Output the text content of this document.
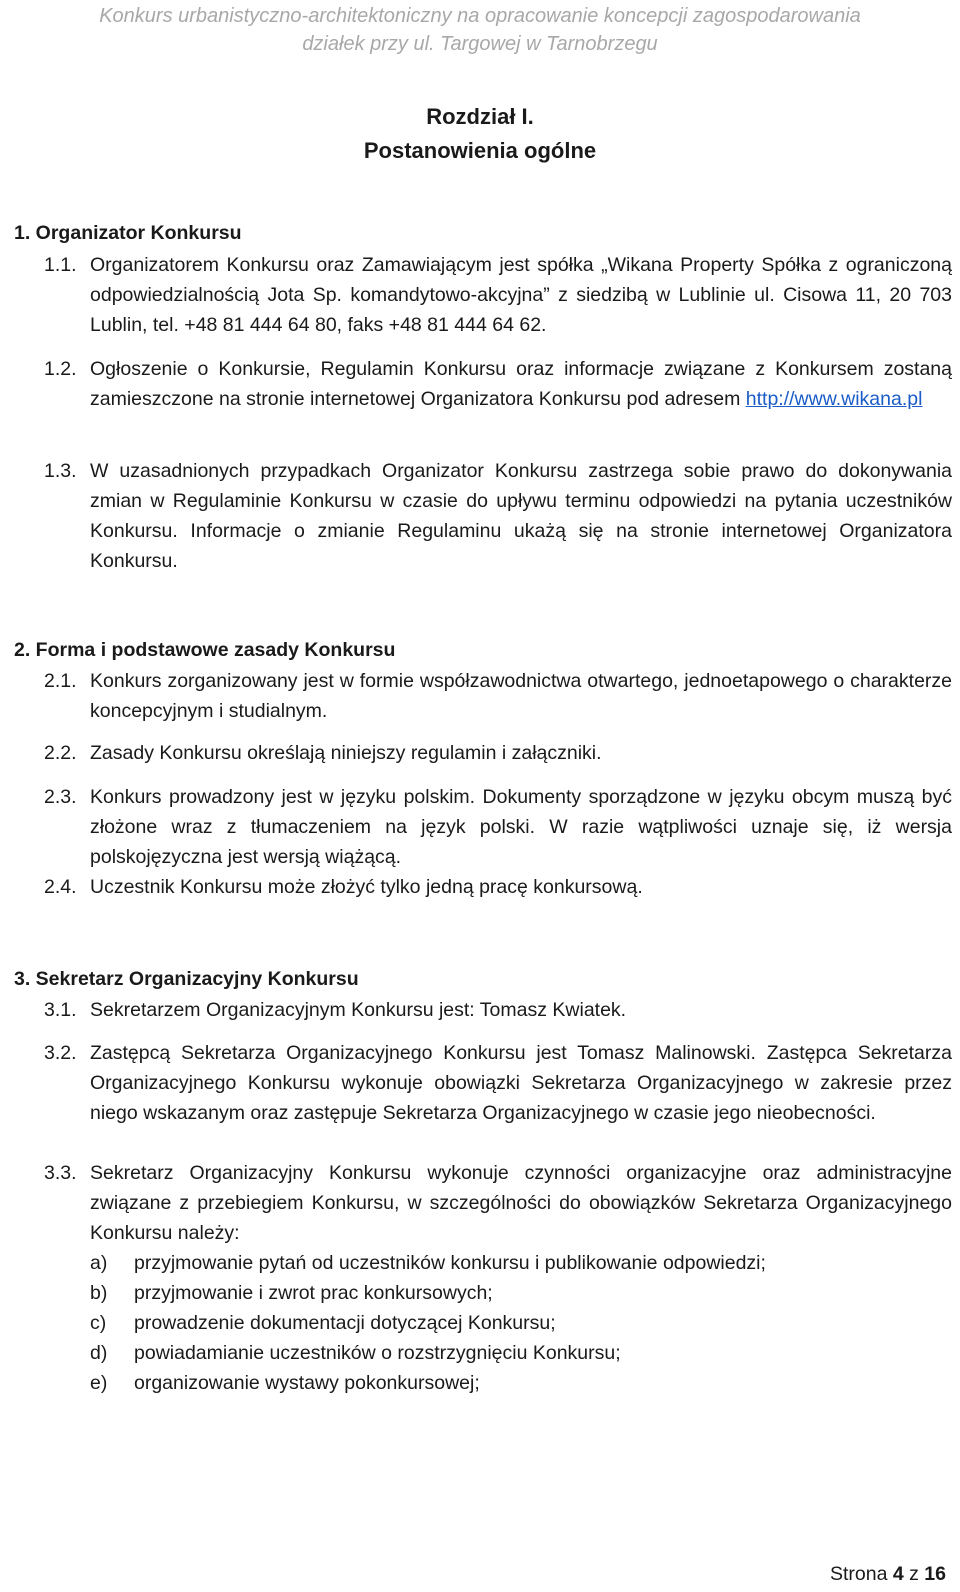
Konkurs urbanistyczno-architektoniczny na opracowanie koncepcji zagospodarowania
działek przy ul. Targowej w Tarnobrzegu
Rozdział I.
Postanowienia ogólne
1. Organizator Konkursu
1.1. Organizatorem Konkursu oraz Zamawiającym jest spółka „Wikana Property Spółka z ograniczoną odpowiedzialnością Jota Sp. komandytowo-akcyjna” z siedzibą w Lublinie ul. Cisowa 11, 20 703 Lublin, tel. +48 81 444 64 80, faks +48 81 444 64 62.
1.2. Ogłoszenie o Konkursie, Regulamin Konkursu oraz informacje związane z Konkursem zostaną zamieszczone na stronie internetowej Organizatora Konkursu pod adresem http://www.wikana.pl
1.3. W uzasadnionych przypadkach Organizator Konkursu zastrzega sobie prawo do dokonywania zmian w Regulaminie Konkursu w czasie do upływu terminu odpowiedzi na pytania uczestników Konkursu. Informacje o zmianie Regulaminu ukażą się na stronie internetowej Organizatora Konkursu.
2. Forma i podstawowe zasady Konkursu
2.1. Konkurs zorganizowany jest w formie współzawodnictwa otwartego, jednoetapowego o charakterze koncepcyjnym i studialnym.
2.2. Zasady Konkursu określają niniejszy regulamin i załączniki.
2.3. Konkurs prowadzony jest w języku polskim. Dokumenty sporządzone w języku obcym muszą być złożone wraz z tłumaczeniem na język polski. W razie wątpliwości uznaje się, iż wersja polskojęzyczna jest wersją wiążącą.
2.4. Uczestnik Konkursu może złożyć tylko jedną pracę konkursową.
3. Sekretarz Organizacyjny Konkursu
3.1. Sekretarzem Organizacyjnym Konkursu jest: Tomasz Kwiatek.
3.2. Zastępcą Sekretarza Organizacyjnego Konkursu jest Tomasz Malinowski. Zastępca Sekretarza Organizacyjnego Konkursu wykonuje obowiązki Sekretarza Organizacyjnego w zakresie przez niego wskazanym oraz zastępuje Sekretarza Organizacyjnego w czasie jego nieobecności.
3.3. Sekretarz Organizacyjny Konkursu wykonuje czynności organizacyjne oraz administracyjne związane z przebiegiem Konkursu, w szczególności do obowiązków Sekretarza Organizacyjnego Konkursu należy:
a) przyjmowanie pytań od uczestników konkursu i publikowanie odpowiedzi;
b) przyjmowanie i zwrot prac konkursowych;
c) prowadzenie dokumentacji dotyczącej Konkursu;
d) powiadamianie uczestników o rozstrzygnięciu Konkursu;
e) organizowanie wystawy pokonkursowej;
Strona 4 z 16
